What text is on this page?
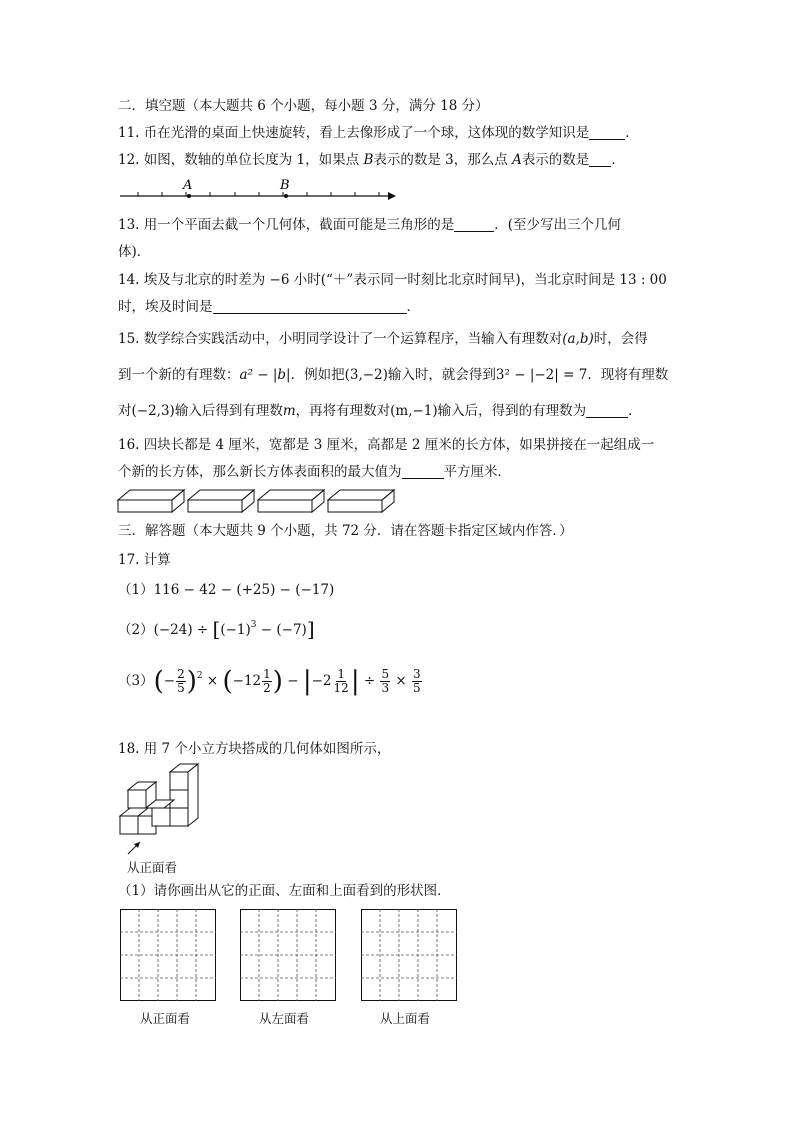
二．填空题（本大题共 6 个小题，每小题 3 分，满分 18 分）
11. 币在光滑的桌面上快速旋转，看上去像形成了一个球，这体现的数学知识是	．
12. 如图，数轴的单位长度为 1，如果点 B表示的数是 3，那么点 A表示的数是 ．
A	B
13. 用一个平面去截一个几何体，截面可能是三角形的是	．(至少写出三个几何
体)．
14. 埃及与北京的时差为 −6 小时(“＋”表示同一时刻比北京时间早)，当北京时间是 13 : 00
时，埃及时间是	．
15. 数学综合实践活动中，小明同学设计了一个运算程序，当输入有理数对(a,b)时，会得
到一个新的有理数：a² − |b|．例如把(3,−2)输入时，就会得到3² − |−2| = 7．现将有理数
对(−2,3)输入后得到有理数m，再将有理数对(m,−1)输入后，得到的有理数为	．
16. 四块长都是 4 厘米，宽都是 3 厘米，高都是 2 厘米的长方体，如果拼接在一起组成一
个新的长方体，那么新长方体表面积的最大值为	平方厘米．
三．解答题（本大题共 9 个小题，共 72 分．请在答题卡指定区域内作答．）
17. 计算
（1）116 − 42 − (+25) − (−17)
$(2)(-24) \div [(-1)^3 - (-7)]$
$(3)(- \frac{2}{5} )^2 \times (-12 \frac{1}{2}$ ) − $|-2 \frac{1}{12}$ | ÷ $\frac{5}{3} \times \frac{3}{5}$
18. 用 7 个小立方块搭成的几何体如图所示，
从正面看
（1）请你画出从它的正面、左面和上面看到的形状图．
从正面看	从左面看	从上面看
